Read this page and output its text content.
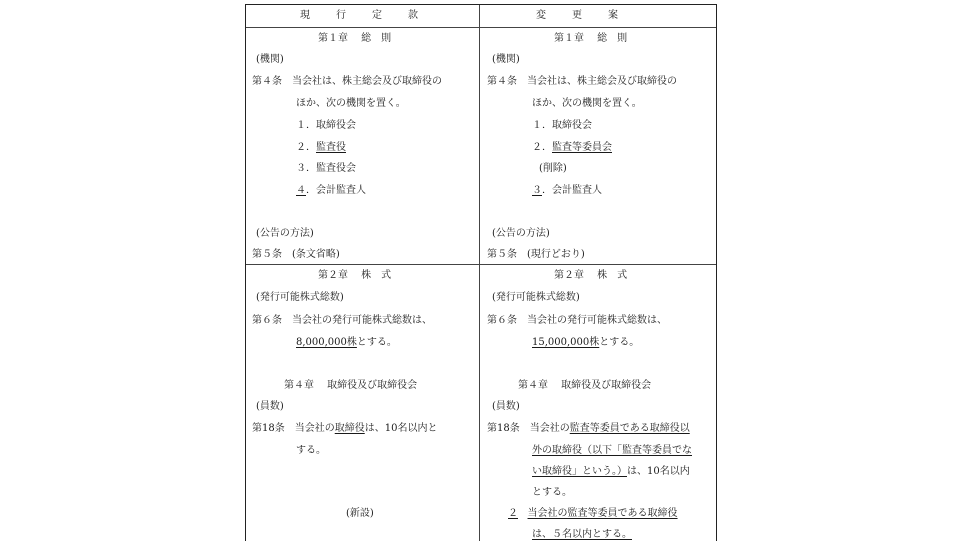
現行定款	変更案
第１章　 総　則
(機関)
第４条　当会社は、株主総会及び取締役の
ほか、次の機関を置く。
１．取締役会
２．監査役
３．監査役会
４．会計監査人
(公告の方法)
第５条　(条文省略)
第２章　 株　式
(発行可能株式総数)
第６条　当会社の発行可能株式総数は、
8,000,000株とする。
第４章　 取締役及び取締役会
(員数)
第18条　当会社の取締役は、10名以内と
する。
(新設)
第１章　 総　則
(機関)
第４条　当会社は、株主総会及び取締役の
ほか、次の機関を置く。
１．取締役会
２．監査等委員会
(削除)
３．会計監査人
(公告の方法)
第５条　(現行どおり)
第２章　 株　式
(発行可能株式総数)
第６条　当会社の発行可能株式総数は、
15,000,000株とする。
第４章　 取締役及び取締役会
(員数)
第18条　当会社の監査等委員である取締役以
外の取締役（以下「監査等委員でな
い取締役」という。）は、10名以内
とする。
２ 当会社の監査等委員である取締役
は、５名以内とする。
